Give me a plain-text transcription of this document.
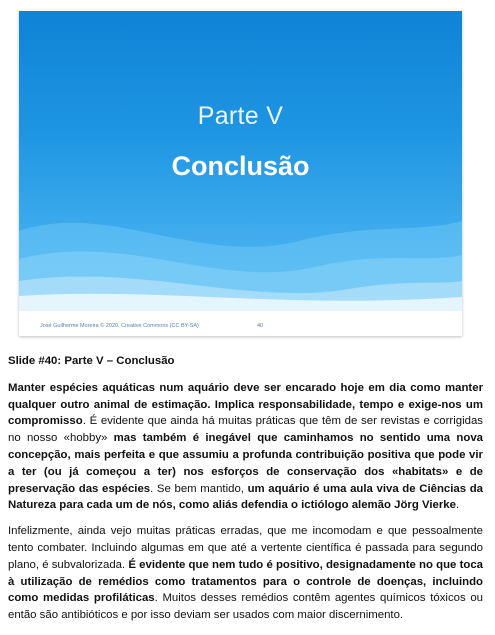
Parte V
Conclusão
José Guilherme Moreira © 2020. Creative Commons (CC BY-SA)	40

Slide #40: Parte V – Conclusão

Manter espécies aquáticas num aquário deve ser encarado hoje em dia como manter qualquer outro animal de estimação. Implica responsabilidade, tempo e exige-nos um compromisso. É evidente que ainda há muitas práticas que têm de ser revistas e corrigidas no nosso «hobby» mas também é inegável que caminhamos no sentido uma nova concepção, mais perfeita e que assumiu a profunda contribuição positiva que pode vir a ter (ou já começou a ter) nos esforços de conservação dos «habitats» e de preservação das espécies. Se bem mantido, um aquário é uma aula viva de Ciências da Natureza para cada um de nós, como aliás defendia o ictiólogo alemão Jörg Vierke.

Infelizmente, ainda vejo muitas práticas erradas, que me incomodam e que pessoalmente tento combater. Incluindo algumas em que até a vertente científica é passada para segundo plano, é subvalorizada. É evidente que nem tudo é positivo, designadamente no que toca à utilização de remédios como tratamentos para o controle de doenças, incluindo como medidas profiláticas. Muitos desses remédios contêm agentes químicos tóxicos ou então são antibióticos e por isso deviam ser usados com maior discernimento.
